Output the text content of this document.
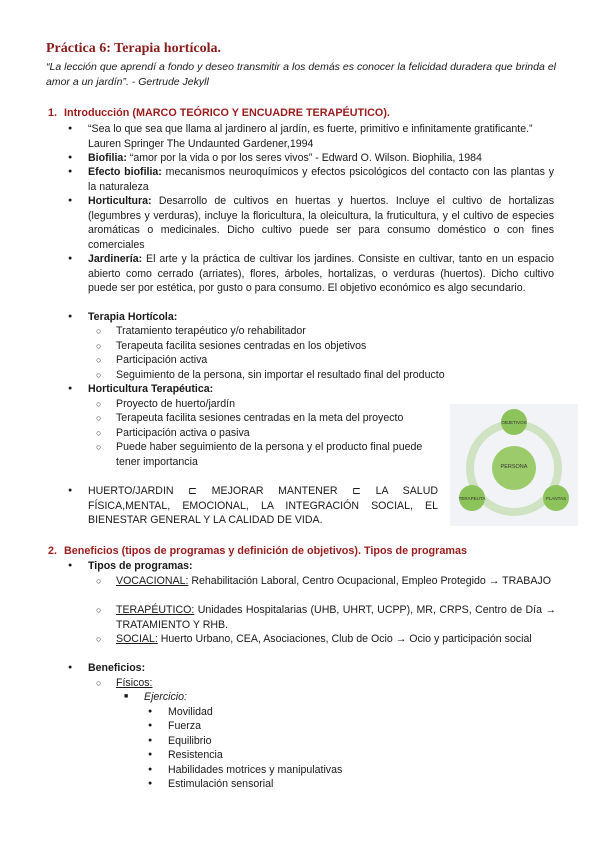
Práctica 6: Terapia hortícola.
“La lección que aprendí a fondo y deseo transmitir a los demás es conocer la felicidad duradera que brinda el amor a un jardín”. - Gertrude Jekyll
1. Introducción (MARCO TEÓRICO Y ENCUADRE TERAPÉUTICO).
● “Sea lo que sea que llama al jardinero al jardín, es fuerte, primitivo e infinitamente gratificante.”
Lauren Springer The Undaunted Gardener,1994
● Biofilia: “amor por la vida o por los seres vivos” - Edward O. Wilson. Biophilia, 1984
● Efecto biofilia: mecanismos neuroquímicos y efectos psicológicos del contacto con las plantas y la naturaleza
● Horticultura: Desarrollo de cultivos en huertas y huertos. Incluye el cultivo de hortalizas (legumbres y verduras), incluye la floricultura, la oleicultura, la fruticultura, y el cultivo de especies aromáticas o medicinales. Dicho cultivo puede ser para consumo doméstico o con fines comerciales
● Jardinería: El arte y la práctica de cultivar los jardines. Consiste en cultivar, tanto en un espacio abierto como cerrado (arriates), flores, árboles, hortalizas, o verduras (huertos). Dicho cultivo puede ser por estética, por gusto o para consumo. El objetivo económico es algo secundario.
● Terapia Hortícola:
○ Tratamiento terapéutico y/o rehabilitador
○ Terapeuta facilita sesiones centradas en los objetivos
○ Participación activa
○ Seguimiento de la persona, sin importar el resultado final del producto
● Horticultura Terapéutica:
○ Proyecto de huerto/jardín
○ Terapeuta facilita sesiones centradas en la meta del proyecto
○ Participación activa o pasiva
○ Puede haber seguimiento de la persona y el producto final puede tener importancia
● HUERTO/JARDIN ⊏ MEJORAR MANTENER ⊏ LA SALUD FÍSICA,MENTAL, EMOCIONAL, LA INTEGRACIÓN SOCIAL, EL BIENESTAR GENERAL Y LA CALIDAD DE VIDA.
PERSONA
OBJETIVOS
TERAPEUTA	PLANTAS
2. Beneficios (tipos de programas y definición de objetivos). Tipos de programas
● Tipos de programas:
○ VOCACIONAL: Rehabilitación Laboral, Centro Ocupacional, Empleo Protegido → TRABAJO
○ TERAPÉUTICO: Unidades Hospitalarias (UHB, UHRT, UCPP), MR, CRPS, Centro de Día → TRATAMIENTO Y RHB.
○ SOCIAL: Huerto Urbano, CEA, Asociaciones, Club de Ocio → Ocio y participación social
● Beneficios:
○ Físicos:
■ Ejercicio:
● Movilidad
● Fuerza
● Equilibrio
● Resistencia
● Habilidades motrices y manipulativas
● Estimulación sensorial
